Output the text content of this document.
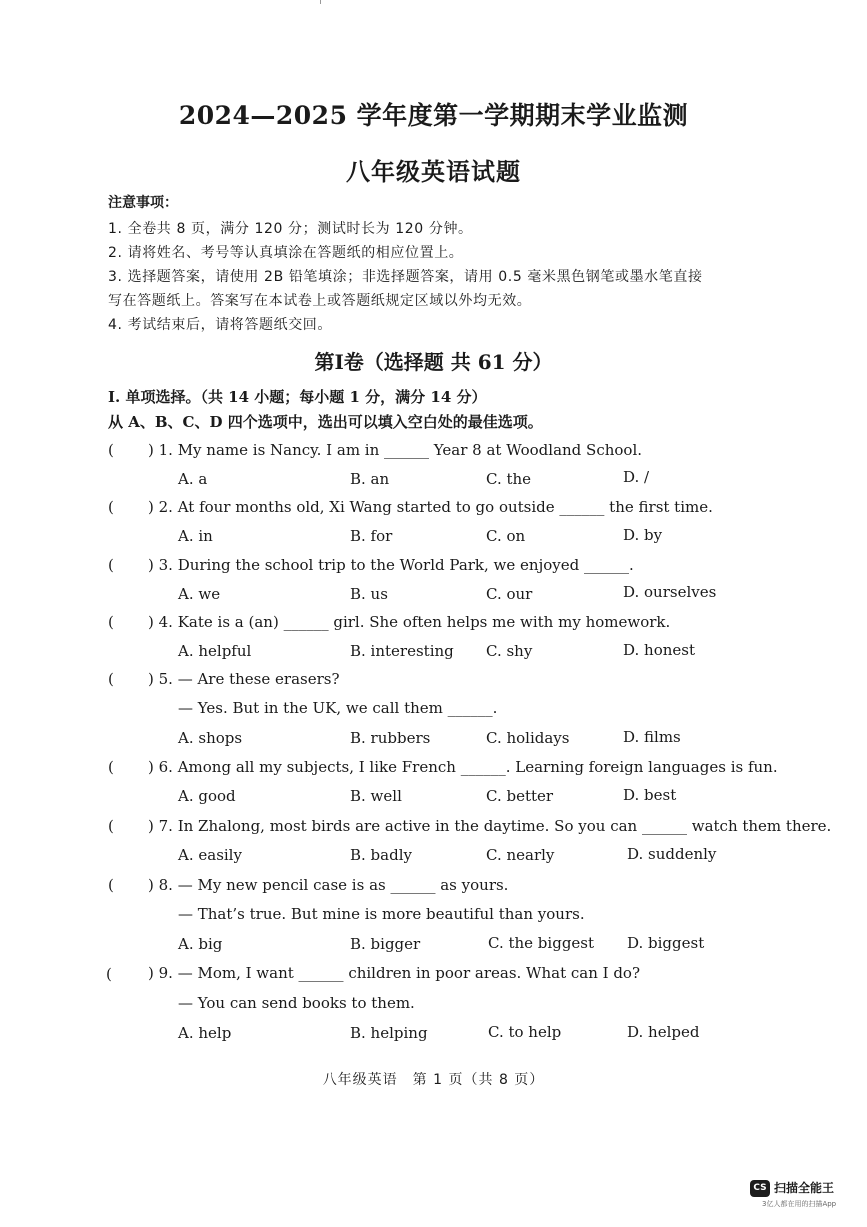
2024—2025 学年度第一学期期末学业监测
八年级英语试题
注意事项：
1. 全卷共 8 页，满分 120 分；测试时长为 120 分钟。
2. 请将姓名、考号等认真填涂在答题纸的相应位置上。
3. 选择题答案，请使用 2B 铅笔填涂；非选择题答案，请用 0.5 毫米黑色钢笔或墨水笔直接
写在答题纸上。答案写在本试卷上或答题纸规定区域以外均无效。
4. 考试结束后，请将答题纸交回。
第Ⅰ卷（选择题 共 61 分）
I. 单项选择。（共 14 小题；每小题 1 分，满分 14 分）
从 A、B、C、D 四个选项中，选出可以填入空白处的最佳选项。
( ) 1. My name is Nancy. I am in ______ Year 8 at Woodland School.
A. a	B. an	C. the	D. /
( ) 2. At four months old, Xi Wang started to go outside ______ the first time.
A. in	B. for	C. on	D. by
( ) 3. During the school trip to the World Park, we enjoyed ______.
A. we	B. us	C. our	D. ourselves
( ) 4. Kate is a (an) ______ girl. She often helps me with my homework.
A. helpful	B. interesting C. shy	D. honest
( ) 5. — Are these erasers?
— Yes. But in the UK, we call them ______.
A. shops	B. rubbers	C. holidays	D. films
( ) 6. Among all my subjects, I like French ______. Learning foreign languages is fun.
A. good	B. well	C. better	D. best
( ) 7. In Zhalong, most birds are active in the daytime. So you can ______ watch them there.
A. easily	B. badly	C. nearly	D. suddenly
( ) 8. — My new pencil case is as ______ as yours.
— That’s true. But mine is more beautiful than yours.
A. big	B. bigger	C. the biggest D. biggest
( ) 9. — Mom, I want ______ children in poor areas. What can I do?
— You can send books to them.
A. help	B. helping	C. to help	D. helped
八年级英语　第 1 页（共 8 页）
CS 扫描全能王
3亿人都在用的扫描App
